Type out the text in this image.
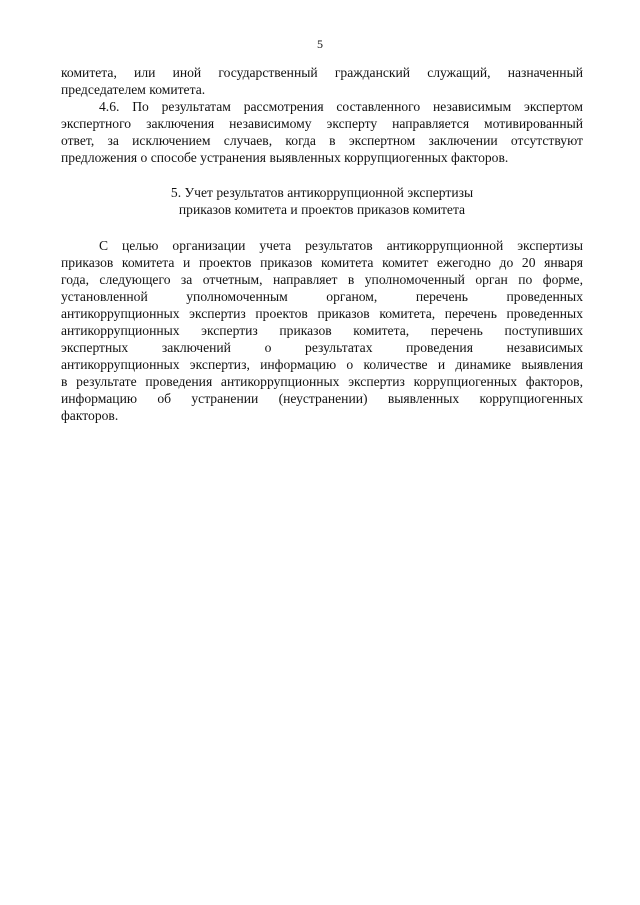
5

комитета, или иной государственный гражданский служащий, назначенный

председателем комитета.

4.6. По результатам рассмотрения составленного независимым экспертом

экспертного заключения независимому эксперту направляется мотивированный

ответ, за исключением случаев, когда в экспертном заключении отсутствуют

предложения о способе устранения выявленных коррупциогенных факторов.

5. Учет результатов антикоррупционной экспертизы

приказов комитета и проектов приказов комитета

С целью организации учета результатов антикоррупционной экспертизы

приказов комитета и проектов приказов комитета комитет ежегодно до 20 января

года, следующего за отчетным, направляет в уполномоченный орган по форме,

установленной уполномоченным органом, перечень проведенных

антикоррупционных экспертиз проектов приказов комитета, перечень проведенных

антикоррупционных экспертиз приказов комитета, перечень поступивших

экспертных заключений о результатах проведения независимых

антикоррупционных экспертиз, информацию о количестве и динамике выявления

в результате проведения антикоррупционных экспертиз коррупциогенных факторов,

информацию об устранении (неустранении) выявленных коррупциогенных

факторов.
